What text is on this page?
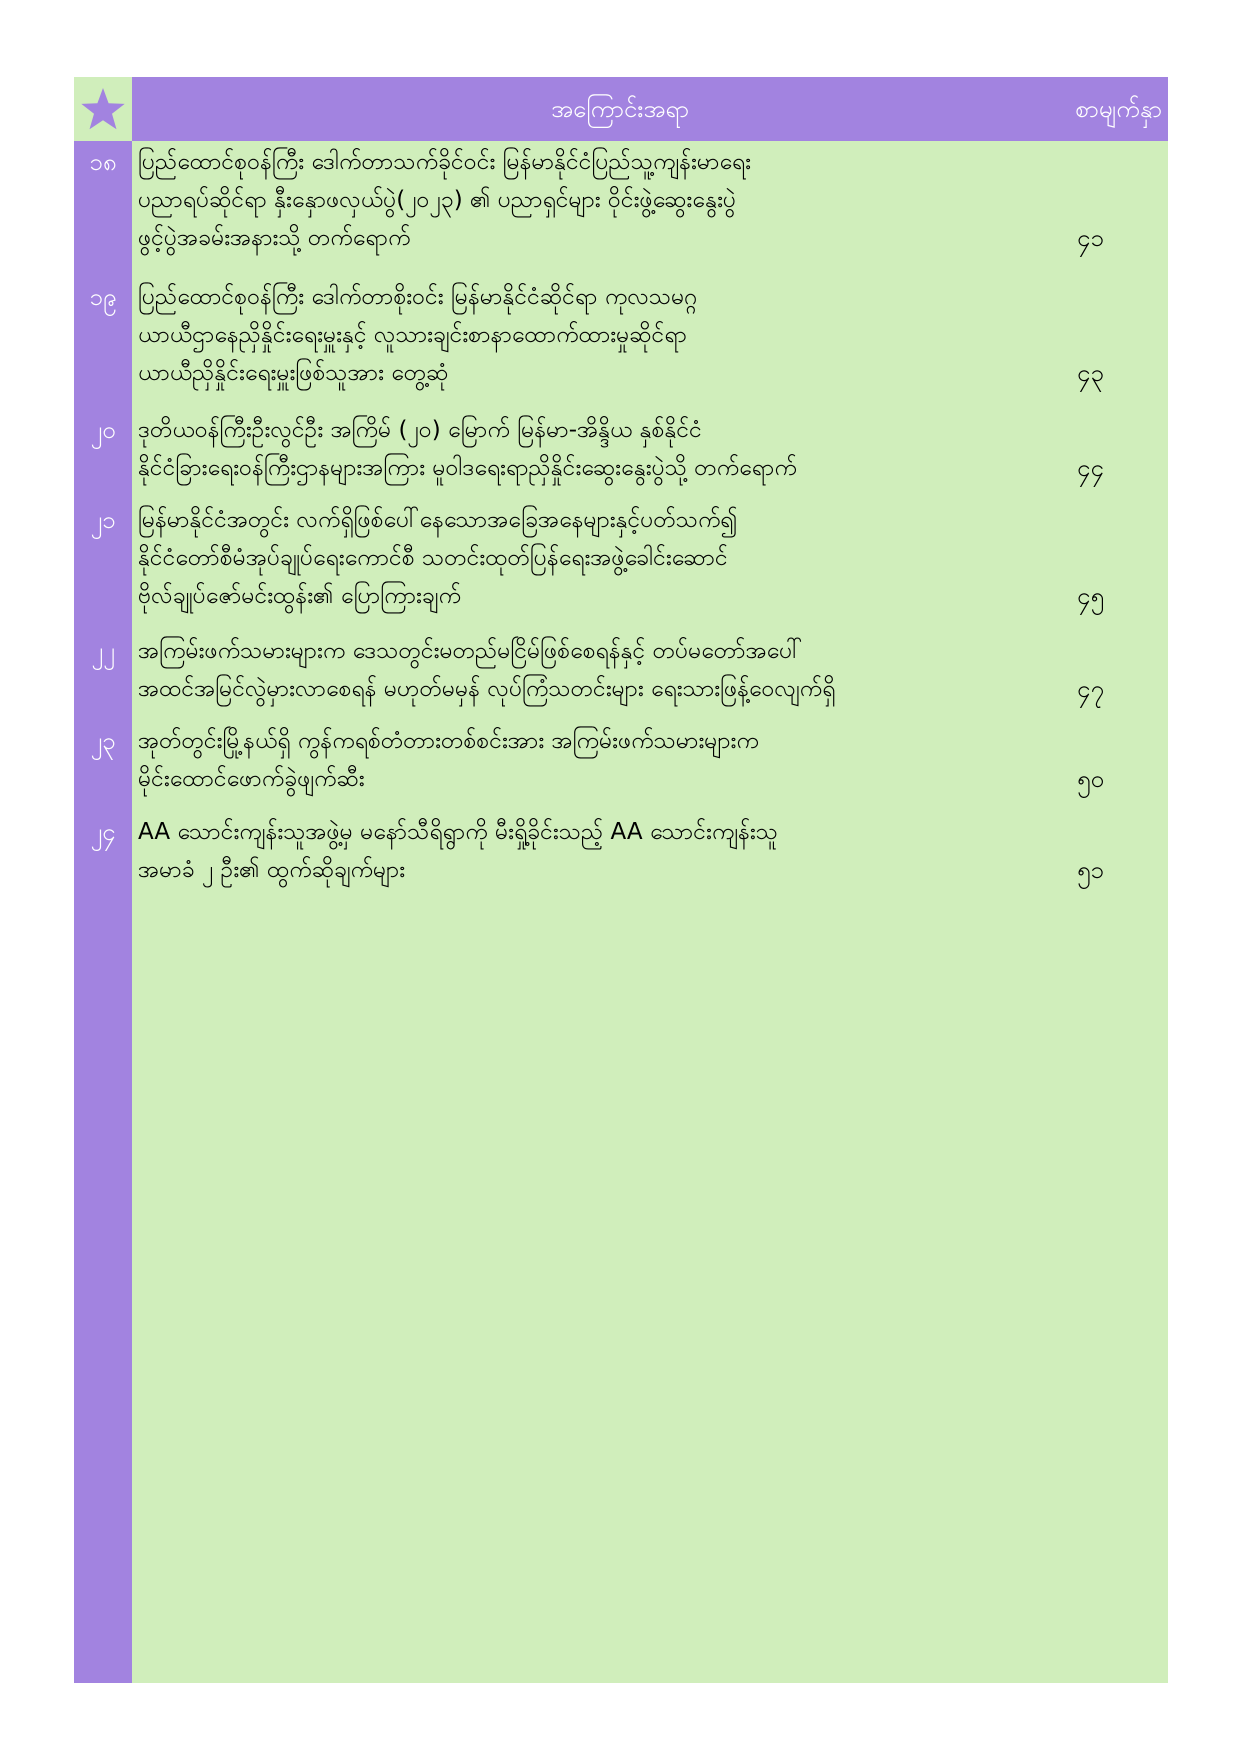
အကြောင်းအရာ	စာမျက်နှာ
၁၈ ပြည်ထောင်စုဝန်ကြီး ဒေါက်တာသက်ခိုင်ဝင်း မြန်မာနိုင်ငံပြည်သူ့ကျန်းမာရေး
ပညာရပ်ဆိုင်ရာ နှီးနှောဖလှယ်ပွဲ(၂၀၂၃) ၏ ပညာရှင်များ ဝိုင်းဖွဲ့ဆွေးနွေးပွဲ
ဖွင့်ပွဲအခမ်းအနားသို့ တက်ရောက်	၄၁
၁၉ ပြည်ထောင်စုဝန်ကြီး ဒေါက်တာစိုးဝင်း မြန်မာနိုင်ငံဆိုင်ရာ ကုလသမဂ္ဂ
ယာယီဌာနေညှိနှိုင်းရေးမှူးနှင့် လူသားချင်းစာနာထောက်ထားမှုဆိုင်ရာ
ယာယီညှိနှိုင်းရေးမှူးဖြစ်သူအား တွေ့ဆုံ	၄၃
၂၀ ဒုတိယဝန်ကြီးဦးလွင်ဦး အကြိမ် (၂၀) မြောက် မြန်မာ-အိန္ဒိယ နှစ်နိုင်ငံ
နိုင်ငံခြားရေးဝန်ကြီးဌာနများအကြား မူဝါဒရေးရာညှိနှိုင်းဆွေးနွေးပွဲသို့ တက်ရောက်	၄၄
၂၁ မြန်မာနိုင်ငံအတွင်း လက်ရှိဖြစ်ပေါ်နေသောအခြေအနေများနှင့်ပတ်သက်၍
နိုင်ငံတော်စီမံအုပ်ချုပ်ရေးကောင်စီ သတင်းထုတ်ပြန်ရေးအဖွဲ့ခေါင်းဆောင်
ဗိုလ်ချုပ်ဇော်မင်းထွန်း၏ ပြောကြားချက်	၄၅
၂၂	အကြမ်းဖက်သမားများက ဒေသတွင်းမတည်မငြိမ်ဖြစ်စေရန်နှင့် တပ်မတော်အပေါ်
အထင်အမြင်လွဲမှားလာစေရန် မဟုတ်မမှန် လုပ်ကြံသတင်းများ ရေးသားဖြန့်ဝေလျက်ရှိ	၄၇
၂၃ အုတ်တွင်းမြို့နယ်ရှိ ကွန်ကရစ်တံတားတစ်စင်းအား အကြမ်းဖက်သမားများက
မိုင်းထောင်ဖောက်ခွဲဖျက်ဆီး	၅၀
၂၄ AA သောင်းကျန်းသူအဖွဲ့မှ မနော်သီရိရွာကို မီးရှို့ခိုင်းသည့် AA သောင်းကျန်းသူ
အမာခံ ၂ ဦး၏ ထွက်ဆိုချက်များ	၅၁
